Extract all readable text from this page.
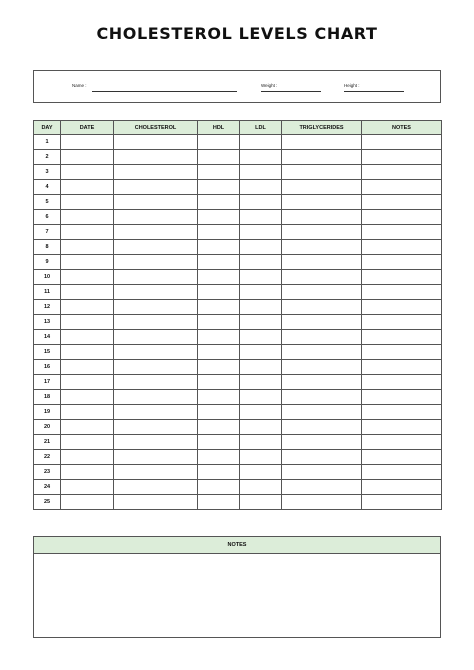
CHOLESTEROL LEVELS CHART
Name :	Weight :	Height :
DAY	DATE	CHOLESTEROL	HDL	LDL	TRIGLYCERIDES	NOTES
1						
2						
3						
4						
5						
6						
7						
8						
9						
10						
11						
12						
13						
14						
15						
16						
17						
18						
19						
20						
21						
22						
23						
24						
25						
NOTES
